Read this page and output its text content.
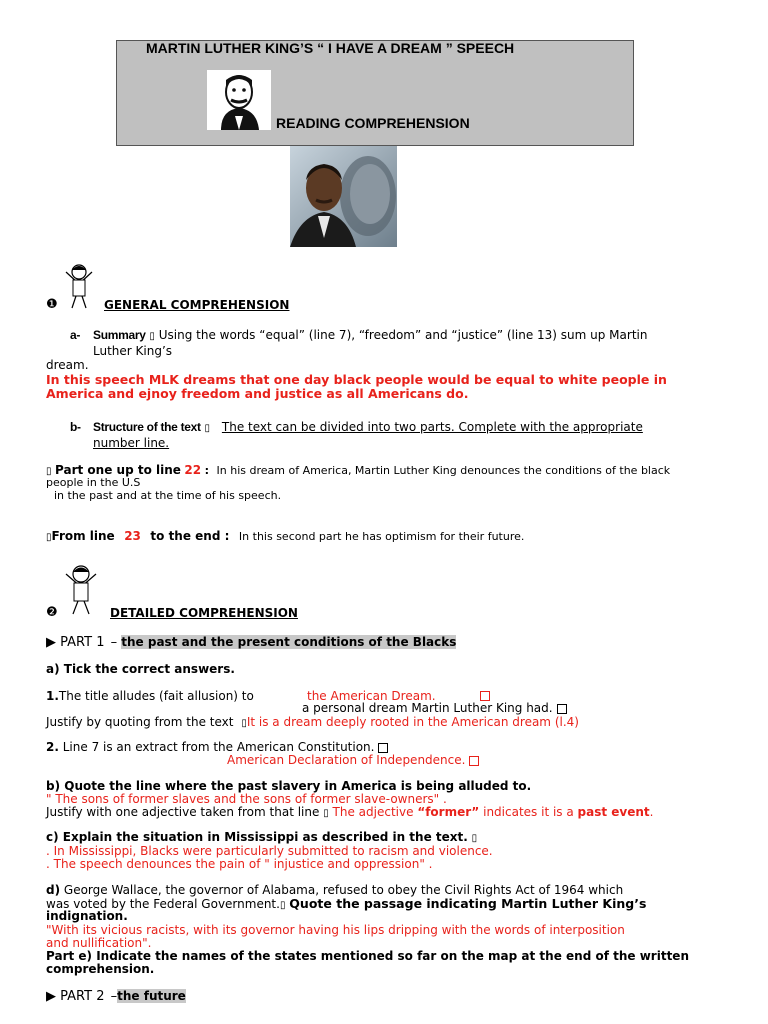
MARTIN LUTHER KING’S “ I HAVE A DREAM ” SPEECH
READING COMPREHENSION
❶	GENERAL COMPREHENSION
a- Summary ▯ Using the words “equal” (line 7), “freedom” and “justice” (line 13) sum up Martin
Luther King’s
dream.
In this speech MLK dreams that one day black people would be equal to white people in
America and ejnoy freedom and justice as all Americans do.
b- Structure of the text ▯ The text can be divided into two parts. Complete with the appropriate
number line.
▯ Part one up to line 22 : In his dream of America, Martin Luther King denounces the conditions of the black
people in the U.S
in the past and at the time of his speech.
▯From line 23 to the end : In this second part he has optimism for their future.
❷	DETAILED COMPREHENSION
▶ PART 1 – the past and the present conditions of the Blacks
a) Tick the correct answers.
1.The title alludes (fait allusion) to	the American Dream.
a personal dream Martin Luther King had.
Justify by quoting from the text ▯It is a dream deeply rooted in the American dream (l.4)
2. Line 7 is an extract from the American Constitution.
American Declaration of Independence.
b) Quote the line where the past slavery in America is being alluded to.
" The sons of former slaves and the sons of former slave-owners" .
Justify with one adjective taken from that line ▯ The adjective “former” indicates it is a past event.
c) Explain the situation in Mississippi as described in the text. ▯
. In Mississippi, Blacks were particularly submitted to racism and violence.
. The speech denounces the pain of " injustice and oppression" .
d) George Wallace, the governor of Alabama, refused to obey the Civil Rights Act of 1964 which
was voted by the Federal Government.▯ Quote the passage indicating Martin Luther King’s
indignation.
"With its vicious racists, with its governor having his lips dripping with the words of interposition
and nullification".
Part e) Indicate the names of the states mentioned so far on the map at the end of the written
comprehension.
▶ PART 2 –the future
